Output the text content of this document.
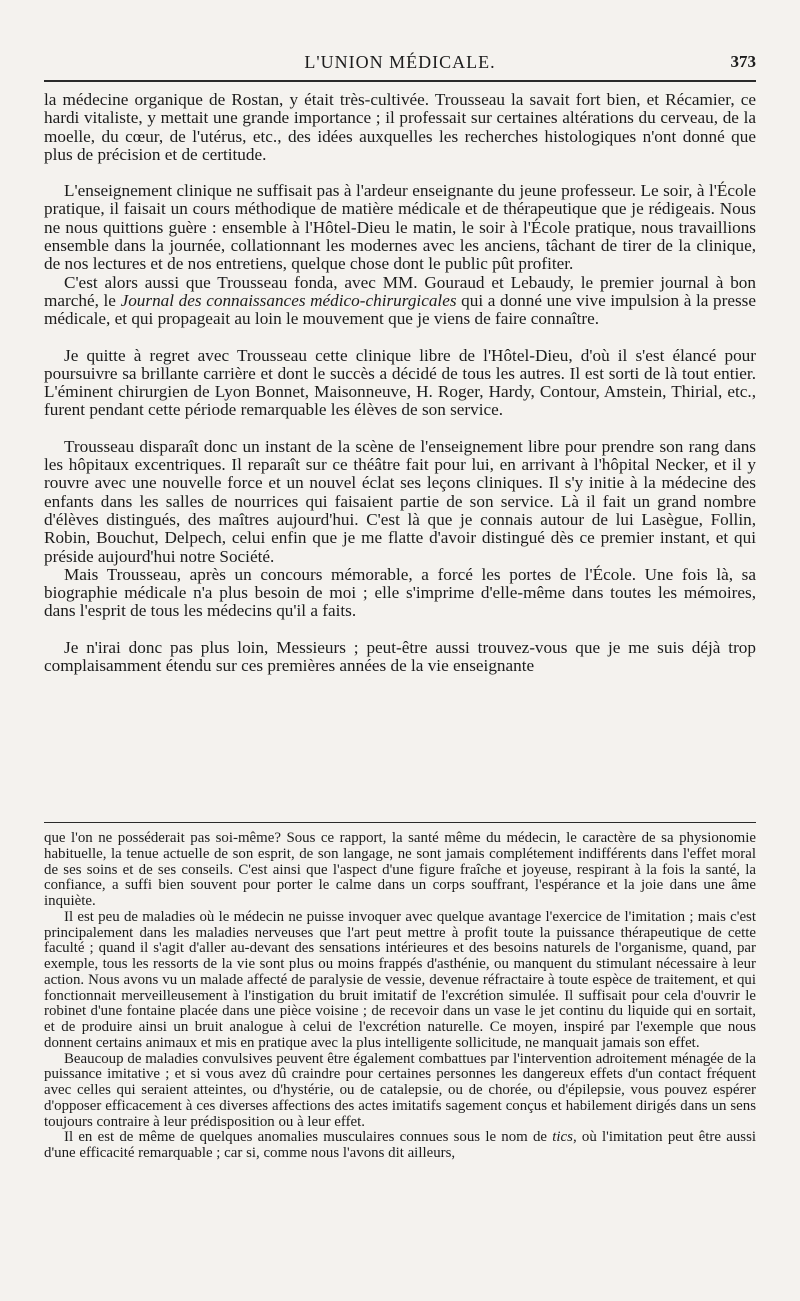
L'UNION MÉDICALE.	373

la médecine organique de Rostan, y était très-cultivée. Trousseau la savait fort bien, et Récamier, ce hardi vitaliste, y mettait une grande importance ; il professait sur certaines altérations du cerveau, de la moelle, du cœur, de l'utérus, etc., des idées auxquelles les recherches histologiques n'ont donné que plus de précision et de certitude.

L'enseignement clinique ne suffisait pas à l'ardeur enseignante du jeune professeur. Le soir, à l'École pratique, il faisait un cours méthodique de matière médicale et de thérapeutique que je rédigeais. Nous ne nous quittions guère : ensemble à l'Hôtel-Dieu le matin, le soir à l'École pratique, nous travaillions ensemble dans la journée, collationnant les modernes avec les anciens, tâchant de tirer de la clinique, de nos lectures et de nos entretiens, quelque chose dont le public pût profiter.

C'est alors aussi que Trousseau fonda, avec MM. Gouraud et Lebaudy, le premier journal à bon marché, le Journal des connaissances médico-chirurgicales qui a donné une vive impulsion à la presse médicale, et qui propageait au loin le mouvement que je viens de faire connaître.

Je quitte à regret avec Trousseau cette clinique libre de l'Hôtel-Dieu, d'où il s'est élancé pour poursuivre sa brillante carrière et dont le succès a décidé de tous les autres. Il est sorti de là tout entier. L'éminent chirurgien de Lyon Bonnet, Maisonneuve, H. Roger, Hardy, Contour, Amstein, Thirial, etc., furent pendant cette période remarquable les élèves de son service.

Trousseau disparaît donc un instant de la scène de l'enseignement libre pour prendre son rang dans les hôpitaux excentriques. Il reparaît sur ce théâtre fait pour lui, en arrivant à l'hôpital Necker, et il y rouvre avec une nouvelle force et un nouvel éclat ses leçons cliniques. Il s'y initie à la médecine des enfants dans les salles de nourrices qui faisaient partie de son service. Là il fait un grand nombre d'élèves distingués, des maîtres aujourd'hui. C'est là que je connais autour de lui Lasègue, Follin, Robin, Bouchut, Delpech, celui enfin que je me flatte d'avoir distingué dès ce premier instant, et qui préside aujourd'hui notre Société.

Mais Trousseau, après un concours mémorable, a forcé les portes de l'École. Une fois là, sa biographie médicale n'a plus besoin de moi ; elle s'imprime d'elle-même dans toutes les mémoires, dans l'esprit de tous les médecins qu'il a faits.

Je n'irai donc pas plus loin, Messieurs ; peut-être aussi trouvez-vous que je me suis déjà trop complaisamment étendu sur ces premières années de la vie enseignante

que l'on ne posséderait pas soi-même? Sous ce rapport, la santé même du médecin, le caractère de sa physionomie habituelle, la tenue actuelle de son esprit, de son langage, ne sont jamais complétement indifférents dans l'effet moral de ses soins et de ses conseils. C'est ainsi que l'aspect d'une figure fraîche et joyeuse, respirant à la fois la santé, la confiance, a suffi bien souvent pour porter le calme dans un corps souffrant, l'espérance et la joie dans une âme inquiète.

Il est peu de maladies où le médecin ne puisse invoquer avec quelque avantage l'exercice de l'imitation ; mais c'est principalement dans les maladies nerveuses que l'art peut mettre à profit toute la puissance thérapeutique de cette faculté ; quand il s'agit d'aller au-devant des sensations intérieures et des besoins naturels de l'organisme, quand, par exemple, tous les ressorts de la vie sont plus ou moins frappés d'asthénie, ou manquent du stimulant nécessaire à leur action. Nous avons vu un malade affecté de paralysie de vessie, devenue réfractaire à toute espèce de traitement, et qui fonctionnait merveilleusement à l'instigation du bruit imitatif de l'excrétion simulée. Il suffisait pour cela d'ouvrir le robinet d'une fontaine placée dans une pièce voisine ; de recevoir dans un vase le jet continu du liquide qui en sortait, et de produire ainsi un bruit analogue à celui de l'excrétion naturelle. Ce moyen, inspiré par l'exemple que nous donnent certains animaux et mis en pratique avec la plus intelligente sollicitude, ne manquait jamais son effet.

Beaucoup de maladies convulsives peuvent être également combattues par l'intervention adroitement ménagée de la puissance imitative ; et si vous avez dû craindre pour certaines personnes les dangereux effets d'un contact fréquent avec celles qui seraient atteintes, ou d'hystérie, ou de catalepsie, ou de chorée, ou d'épilepsie, vous pouvez espérer d'opposer efficacement à ces diverses affections des actes imitatifs sagement conçus et habilement dirigés dans un sens toujours contraire à leur prédisposition ou à leur effet.

Il en est de même de quelques anomalies musculaires connues sous le nom de tics, où l'imitation peut être aussi d'une efficacité remarquable ; car si, comme nous l'avons dit ailleurs,
